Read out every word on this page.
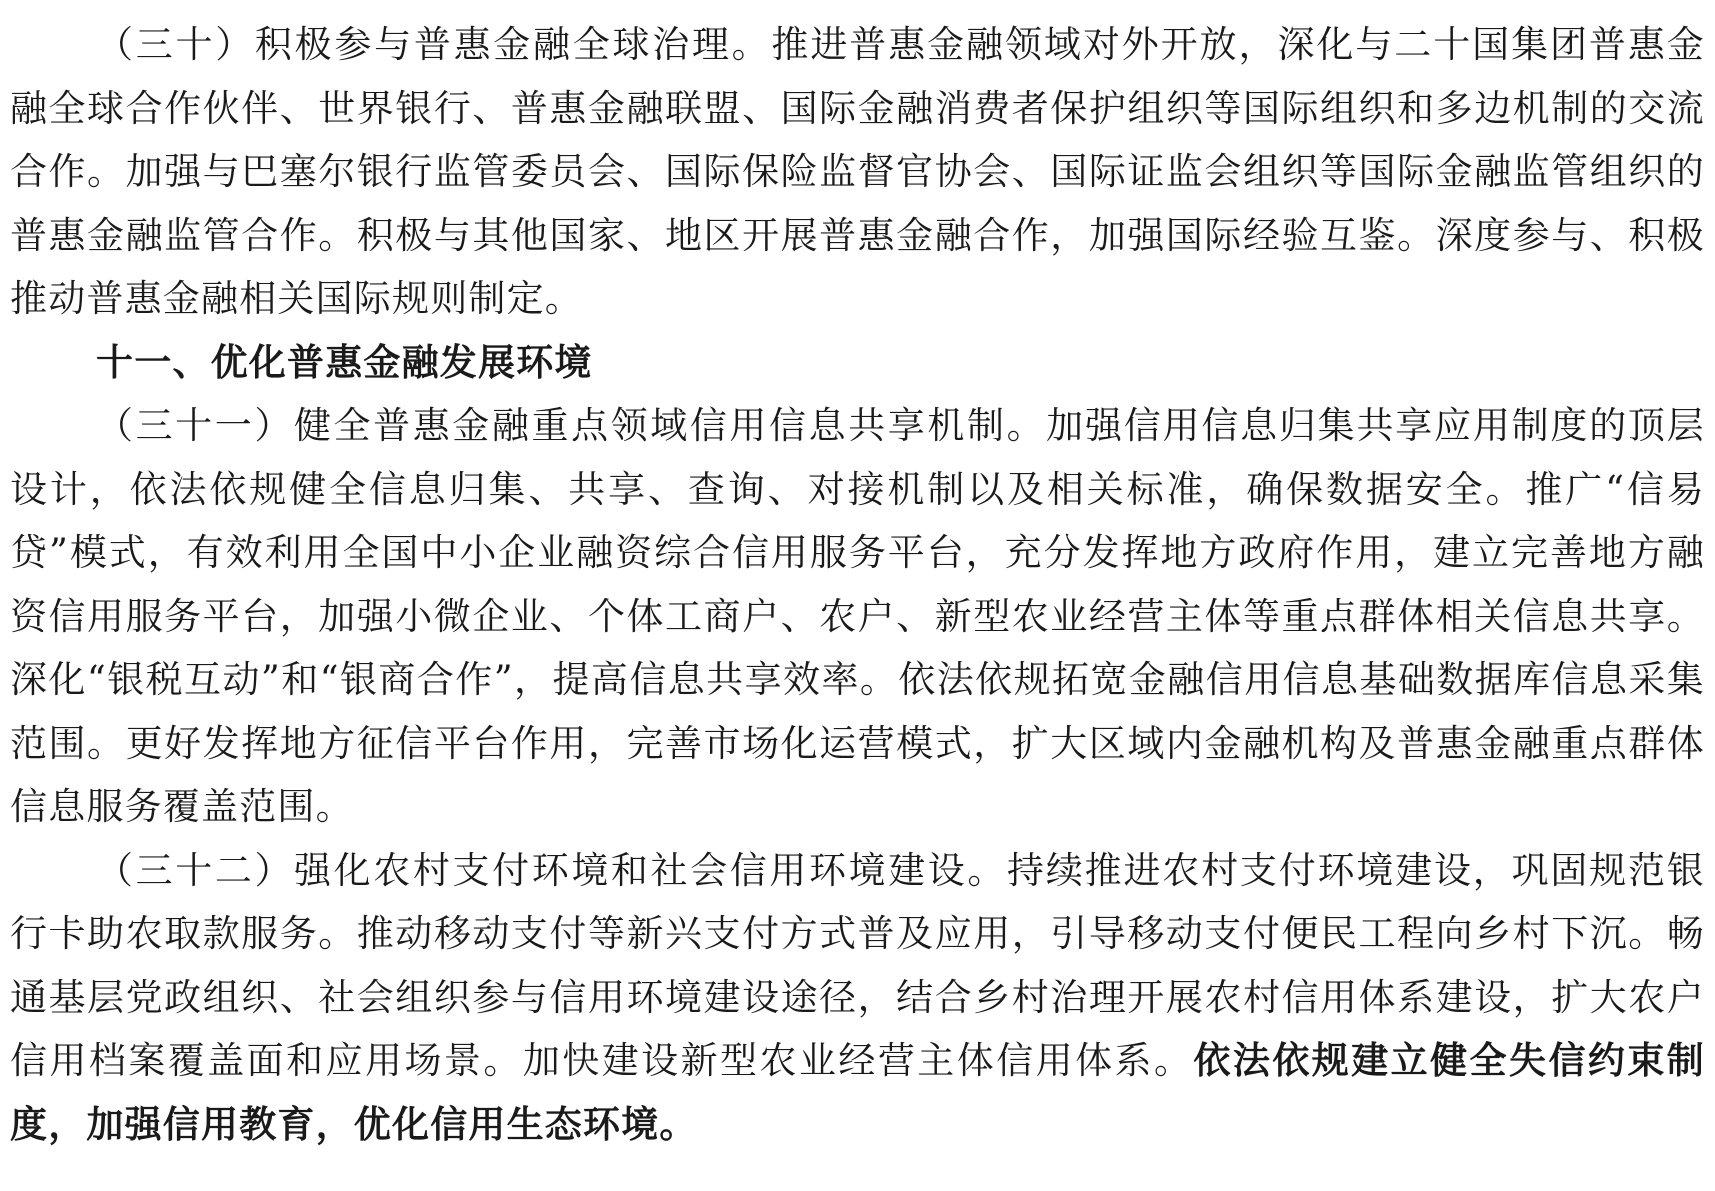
（三十）积极参与普惠金融全球治理。推进普惠金融领域对外开放，深化与二十国集团普惠金融全球合作伙伴、世界银行、普惠金融联盟、国际金融消费者保护组织等国际组织和多边机制的交流合作。加强与巴塞尔银行监管委员会、国际保险监督官协会、国际证监会组织等国际金融监管组织的普惠金融监管合作。积极与其他国家、地区开展普惠金融合作，加强国际经验互鉴。深度参与、积极推动普惠金融相关国际规则制定。

十一、优化普惠金融发展环境

（三十一）健全普惠金融重点领域信用信息共享机制。加强信用信息归集共享应用制度的顶层设计，依法依规健全信息归集、共享、查询、对接机制以及相关标准，确保数据安全。推广“信易贷”模式，有效利用全国中小企业融资综合信用服务平台，充分发挥地方政府作用，建立完善地方融资信用服务平台，加强小微企业、个体工商户、农户、新型农业经营主体等重点群体相关信息共享。深化“银税互动”和“银商合作”，提高信息共享效率。依法依规拓宽金融信用信息基础数据库信息采集范围。更好发挥地方征信平台作用，完善市场化运营模式，扩大区域内金融机构及普惠金融重点群体信息服务覆盖范围。

（三十二）强化农村支付环境和社会信用环境建设。持续推进农村支付环境建设，巩固规范银行卡助农取款服务。推动移动支付等新兴支付方式普及应用，引导移动支付便民工程向乡村下沉。畅通基层党政组织、社会组织参与信用环境建设途径，结合乡村治理开展农村信用体系建设，扩大农户信用档案覆盖面和应用场景。加快建设新型农业经营主体信用体系。依法依规建立健全失信约束制度，加强信用教育，优化信用生态环境。
